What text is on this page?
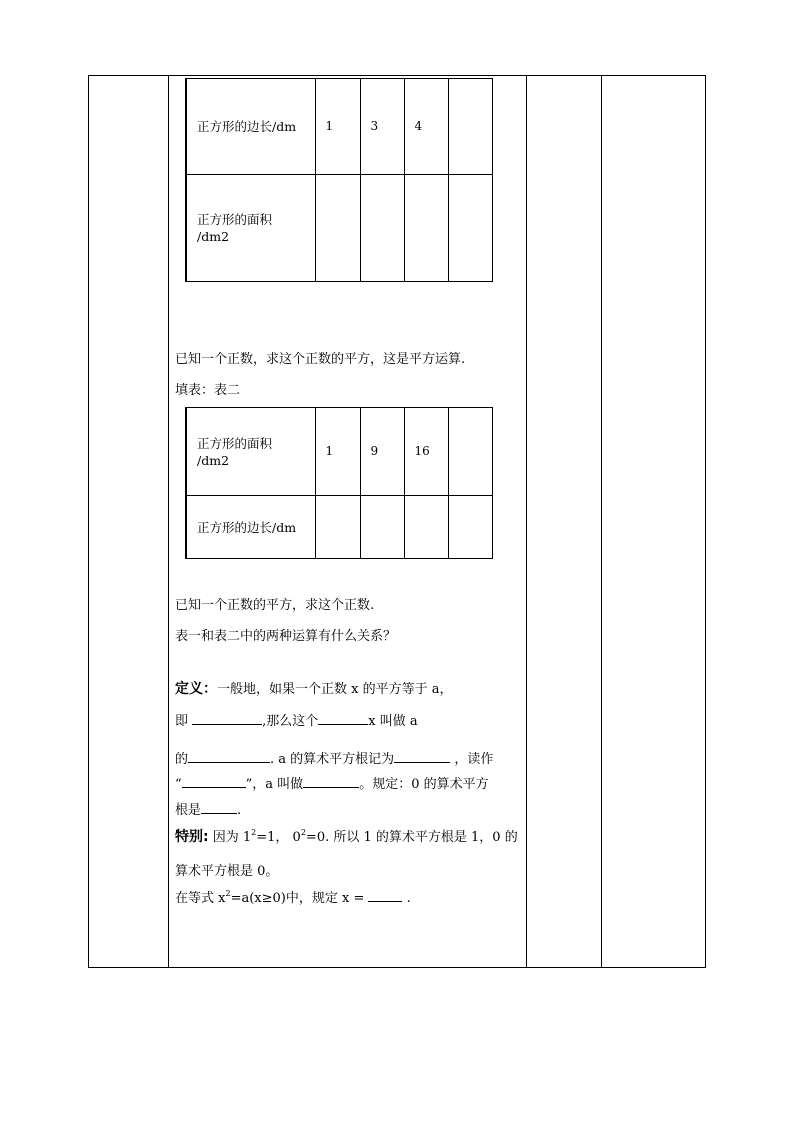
正方形的边长/dm	1	3	4	
正方形的面积
/dm2				
已知一个正数，求这个正数的平方，这是平方运算.
填表：表二
正方形的面积
/dm2	1	9	16	
正方形的边长/dm				
已知一个正数的平方，求这个正数.
表一和表二中的两种运算有什么关系？
定义：一般地，如果一个正数 x 的平方等于 a，
即	,那么这个	x 叫做 a
的	. a 的算术平方根记为	，读作
“	”，a 叫做	。规定：0 的算术平方
根是	.
特别: 因为 $1^2=1$， $0^2=0$. 所以 1 的算术平方根是 1，0 的
算术平方根是 0。
在等式 $x^2=a(x\ge 0)$中，规定 x =	.
